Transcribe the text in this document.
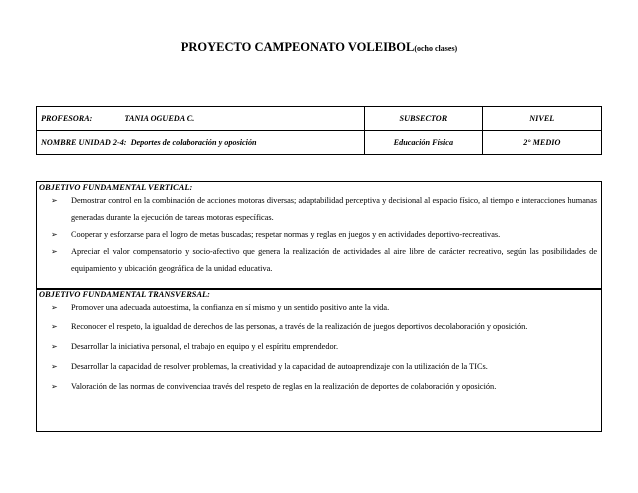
PROYECTO CAMPEONATO VOLEIBOL(ocho clases)
PROFESORA: TANIA OGUEDA C.	SUBSECTOR	NIVEL
NOMBRE UNIDAD 2-4: Deportes de colaboración y oposición	Educación Física	2° MEDIO
OBJETIVO FUNDAMENTAL VERTICAL:
➢ Demostrar control en la combinación de acciones motoras diversas; adaptabilidad perceptiva y decisional al espacio físico, al tiempo e interacciones humanas generadas durante la ejecución de tareas motoras específicas.
➢ Cooperar y esforzarse para el logro de metas buscadas; respetar normas y reglas en juegos y en actividades deportivo-recreativas.
➢ Apreciar el valor compensatorio y socio-afectivo que genera la realización de actividades al aire libre de carácter recreativo, según las posibilidades de equipamiento y ubicación geográfica de la unidad educativa.
OBJETIVO FUNDAMENTAL TRANSVERSAL:
➢ Promover una adecuada autoestima, la confianza en sí mismo y un sentido positivo ante la vida.
➢ Reconocer el respeto, la igualdad de derechos de las personas, a través de la realización de juegos deportivos decolaboración y oposición.
➢ Desarrollar la iniciativa personal, el trabajo en equipo y el espíritu emprendedor.
➢ Desarrollar la capacidad de resolver problemas, la creatividad y la capacidad de autoaprendizaje con la utilización de la TICs.
➢ Valoración de las normas de convivenciaa través del respeto de reglas en la realización de deportes de colaboración y oposición.
